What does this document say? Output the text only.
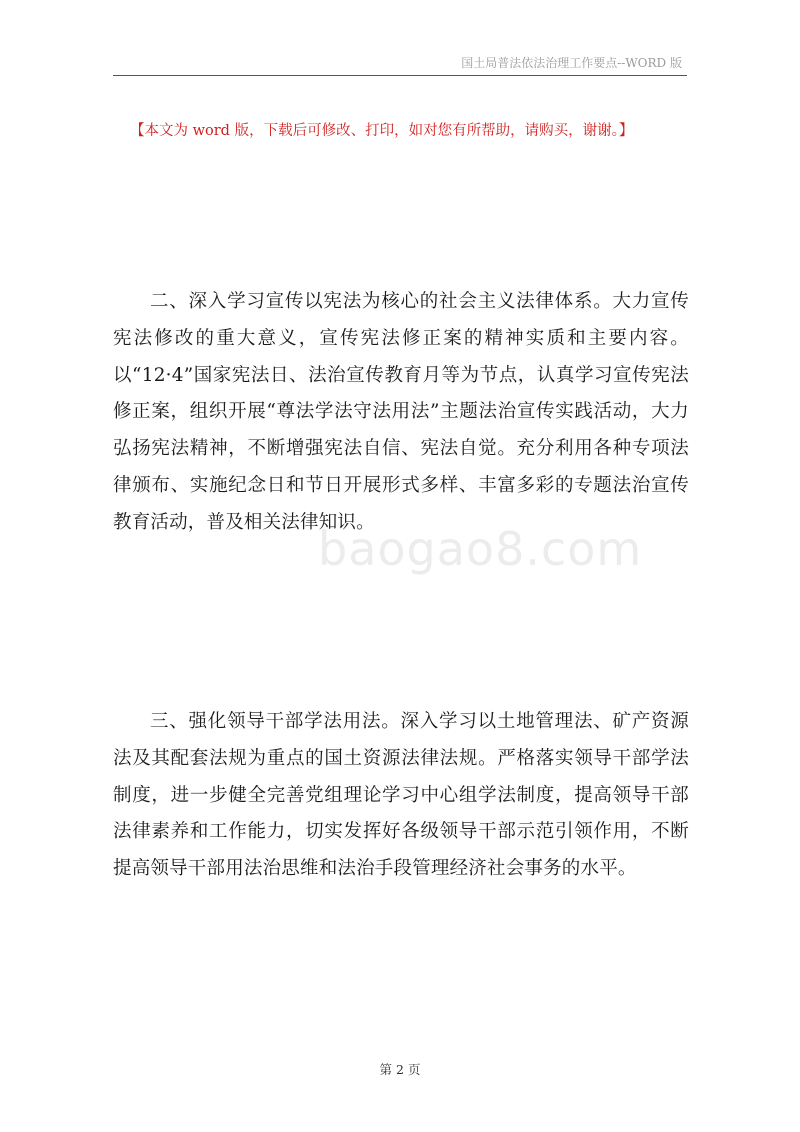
国土局普法依法治理工作要点--WORD 版
【本文为 word 版，下载后可修改、打印，如对您有所帮助，请购买，谢谢。】

二、深入学习宣传以宪法为核心的社会主义法律体系。大力宣传宪法修改的重大意义，宣传宪法修正案的精神实质和主要内容。以“12·4”国家宪法日、法治宣传教育月等为节点，认真学习宣传宪法修正案，组织开展“尊法学法守法用法”主题法治宣传实践活动，大力弘扬宪法精神，不断增强宪法自信、宪法自觉。充分利用各种专项法律颁布、实施纪念日和节日开展形式多样、丰富多彩的专题法治宣传教育活动，普及相关法律知识。

baogao8.com

三、强化领导干部学法用法。深入学习以土地管理法、矿产资源法及其配套法规为重点的国土资源法律法规。严格落实领导干部学法制度，进一步健全完善党组理论学习中心组学法制度，提高领导干部法律素养和工作能力，切实发挥好各级领导干部示范引领作用，不断提高领导干部用法治思维和法治手段管理经济社会事务的水平。

第 2 页
